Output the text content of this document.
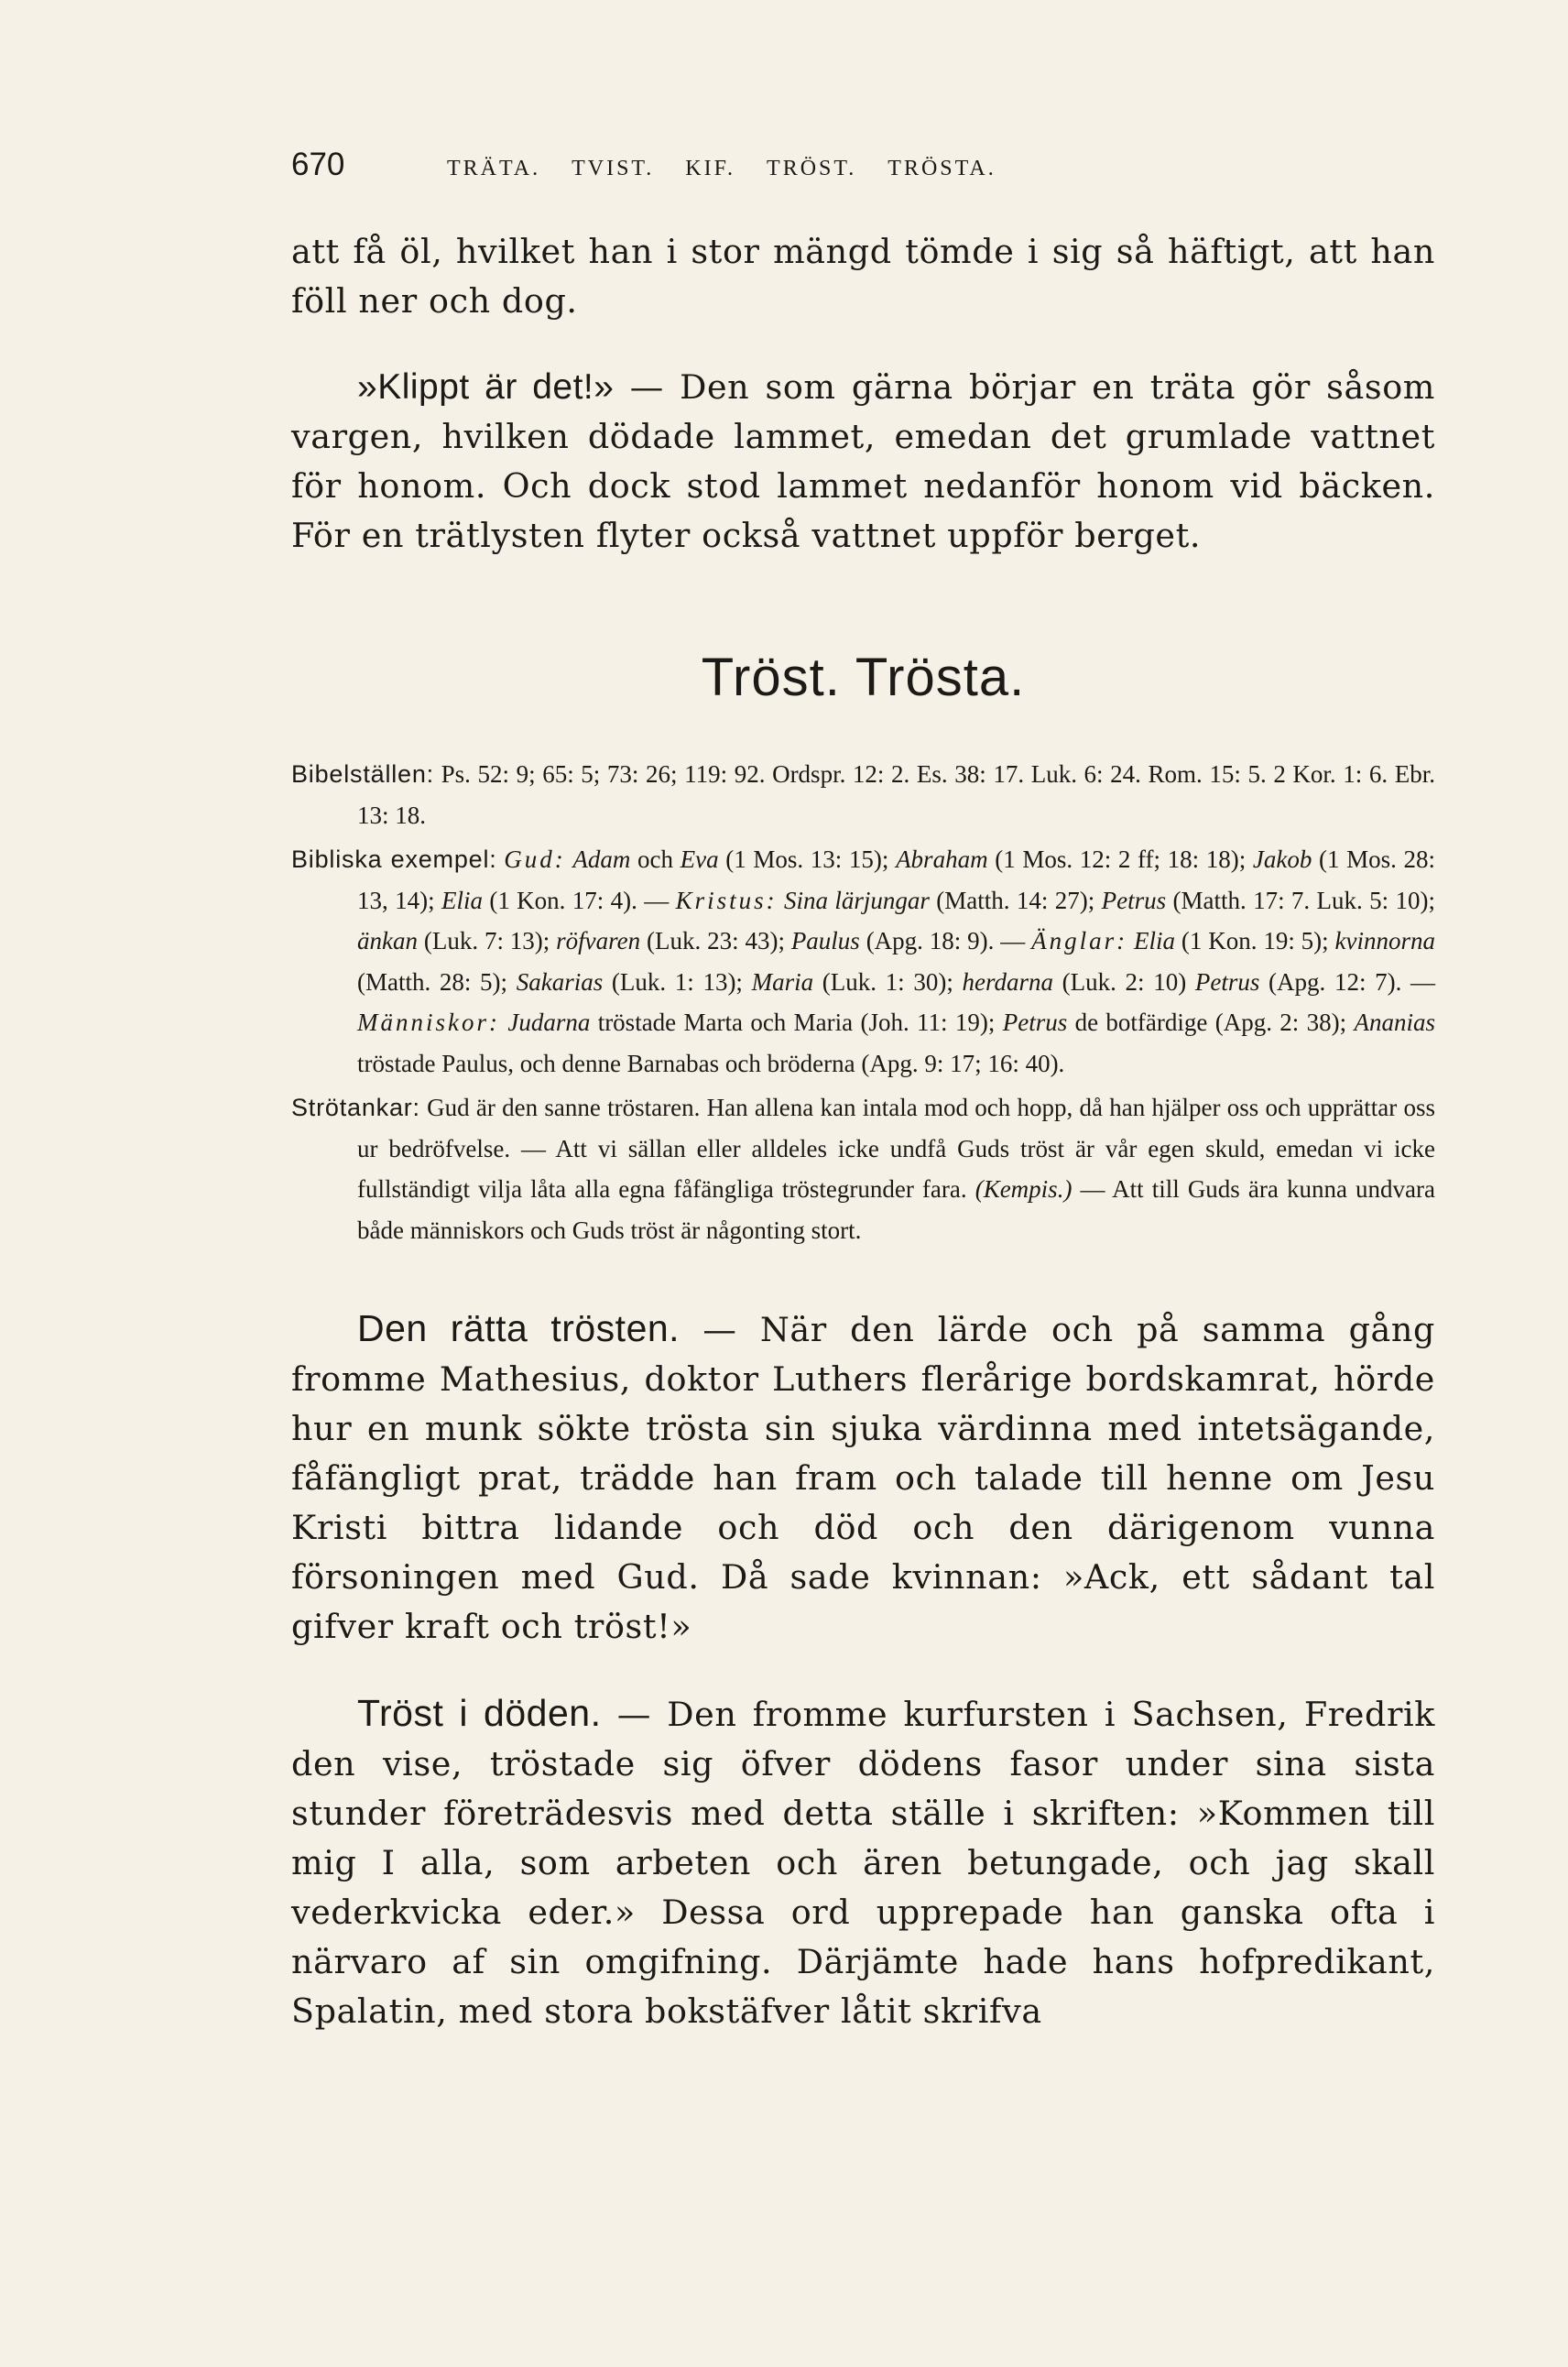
670	TRÄTA. TVIST. KIF. TRÖST. TRÖSTA.

att få öl, hvilket han i stor mängd tömde i sig så häftigt, att han föll ner och dog.

»Klippt är det!» — Den som gärna börjar en träta gör såsom vargen, hvilken dödade lammet, emedan det grumlade vattnet för honom. Och dock stod lammet nedanför honom vid bäcken. För en trätlysten flyter också vattnet uppför berget.

Tröst. Trösta.

Bibelställen: Ps. 52: 9; 65: 5; 73: 26; 119: 92. Ordspr. 12: 2. Es. 38: 17. Luk. 6: 24. Rom. 15: 5. 2 Kor. 1: 6. Ebr. 13: 18.

Bibliska exempel: Gud: Adam och Eva (1 Mos. 13: 15); Abraham (1 Mos. 12: 2 ff; 18: 18); Jakob (1 Mos. 28: 13, 14); Elia (1 Kon. 17: 4). — Kristus: Sina lärjungar (Matth. 14: 27); Petrus (Matth. 17: 7. Luk. 5: 10); änkan (Luk. 7: 13); röfvaren (Luk. 23: 43); Paulus (Apg. 18: 9). — Änglar: Elia (1 Kon. 19: 5); kvinnorna (Matth. 28: 5); Sakarias (Luk. 1: 13); Maria (Luk. 1: 30); herdarna (Luk. 2: 10) Petrus (Apg. 12: 7). — Människor: Judarna tröstade Marta och Maria (Joh. 11: 19); Petrus de botfärdige (Apg. 2: 38); Ananias tröstade Paulus, och denne Barnabas och bröderna (Apg. 9: 17; 16: 40).

Strötankar: Gud är den sanne tröstaren. Han allena kan intala mod och hopp, då han hjälper oss och upprättar oss ur bedröfvelse. — Att vi sällan eller alldeles icke undfå Guds tröst är vår egen skuld, emedan vi icke fullständigt vilja låta alla egna fåfängliga tröstegrunder fara. (Kempis.) — Att till Guds ära kunna undvara både människors och Guds tröst är någonting stort.

Den rätta trösten. — När den lärde och på samma gång fromme Mathesius, doktor Luthers flerårige bordskamrat, hörde hur en munk sökte trösta sin sjuka värdinna med intetsägande, fåfängligt prat, trädde han fram och talade till henne om Jesu Kristi bittra lidande och död och den därigenom vunna försoningen med Gud. Då sade kvinnan: »Ack, ett sådant tal gifver kraft och tröst!»

Tröst i döden. — Den fromme kurfursten i Sachsen, Fredrik den vise, tröstade sig öfver dödens fasor under sina sista stunder företrädesvis med detta ställe i skriften: »Kommen till mig I alla, som arbeten och ären betungade, och jag skall vederkvicka eder.» Dessa ord upprepade han ganska ofta i närvaro af sin omgifning. Därjämte hade hans hofpredikant, Spalatin, med stora bokstäfver låtit skrifva
